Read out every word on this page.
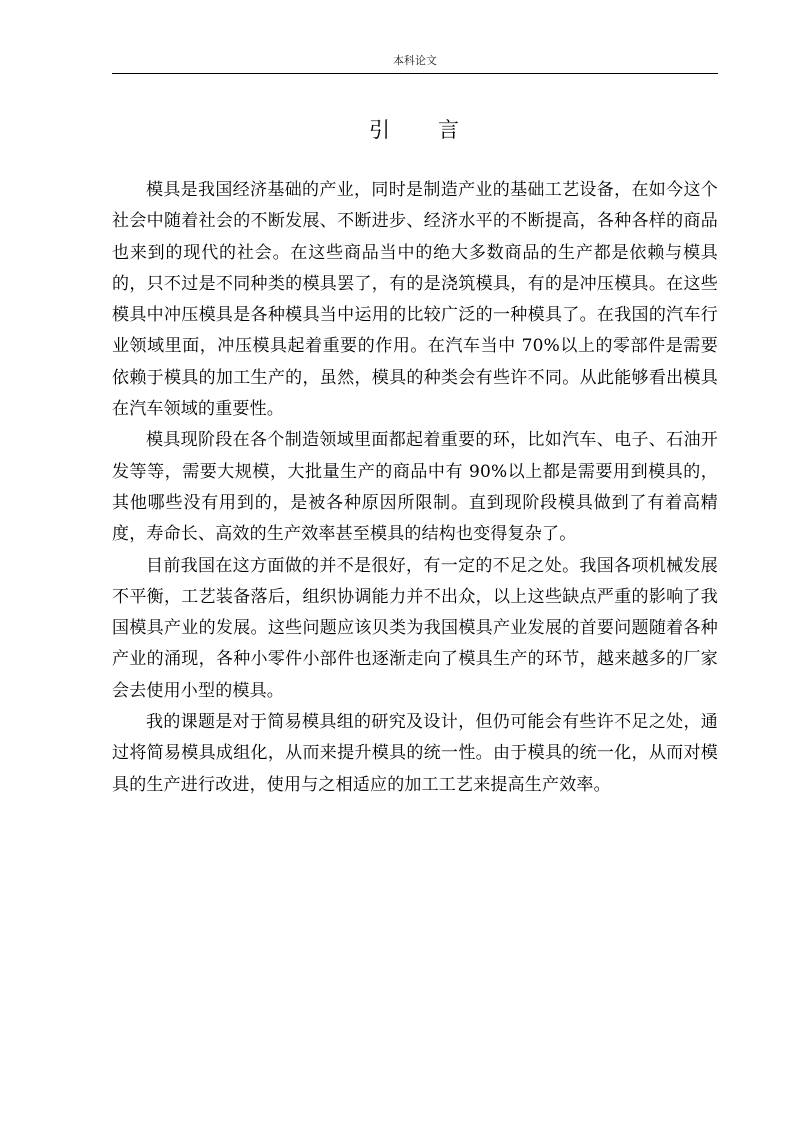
本科论文
引　　言

模具是我国经济基础的产业，同时是制造产业的基础工艺设备，在如今这个社会中随着社会的不断发展、不断进步、经济水平的不断提高，各种各样的商品也来到的现代的社会。在这些商品当中的绝大多数商品的生产都是依赖与模具的，只不过是不同种类的模具罢了，有的是浇筑模具，有的是冲压模具。在这些模具中冲压模具是各种模具当中运用的比较广泛的一种模具了。在我国的汽车行业领域里面，冲压模具起着重要的作用。在汽车当中 70%以上的零部件是需要依赖于模具的加工生产的，虽然，模具的种类会有些许不同。从此能够看出模具在汽车领域的重要性。

模具现阶段在各个制造领域里面都起着重要的环，比如汽车、电子、石油开发等等，需要大规模，大批量生产的商品中有 90%以上都是需要用到模具的，其他哪些没有用到的，是被各种原因所限制。直到现阶段模具做到了有着高精度，寿命长、高效的生产效率甚至模具的结构也变得复杂了。

目前我国在这方面做的并不是很好，有一定的不足之处。我国各项机械发展不平衡，工艺装备落后，组织协调能力并不出众，以上这些缺点严重的影响了我国模具产业的发展。这些问题应该贝类为我国模具产业发展的首要问题随着各种产业的涌现，各种小零件小部件也逐渐走向了模具生产的环节，越来越多的厂家会去使用小型的模具。

我的课题是对于简易模具组的研究及设计，但仍可能会有些许不足之处，通过将简易模具成组化，从而来提升模具的统一性。由于模具的统一化，从而对模具的生产进行改进，使用与之相适应的加工工艺来提高生产效率。
